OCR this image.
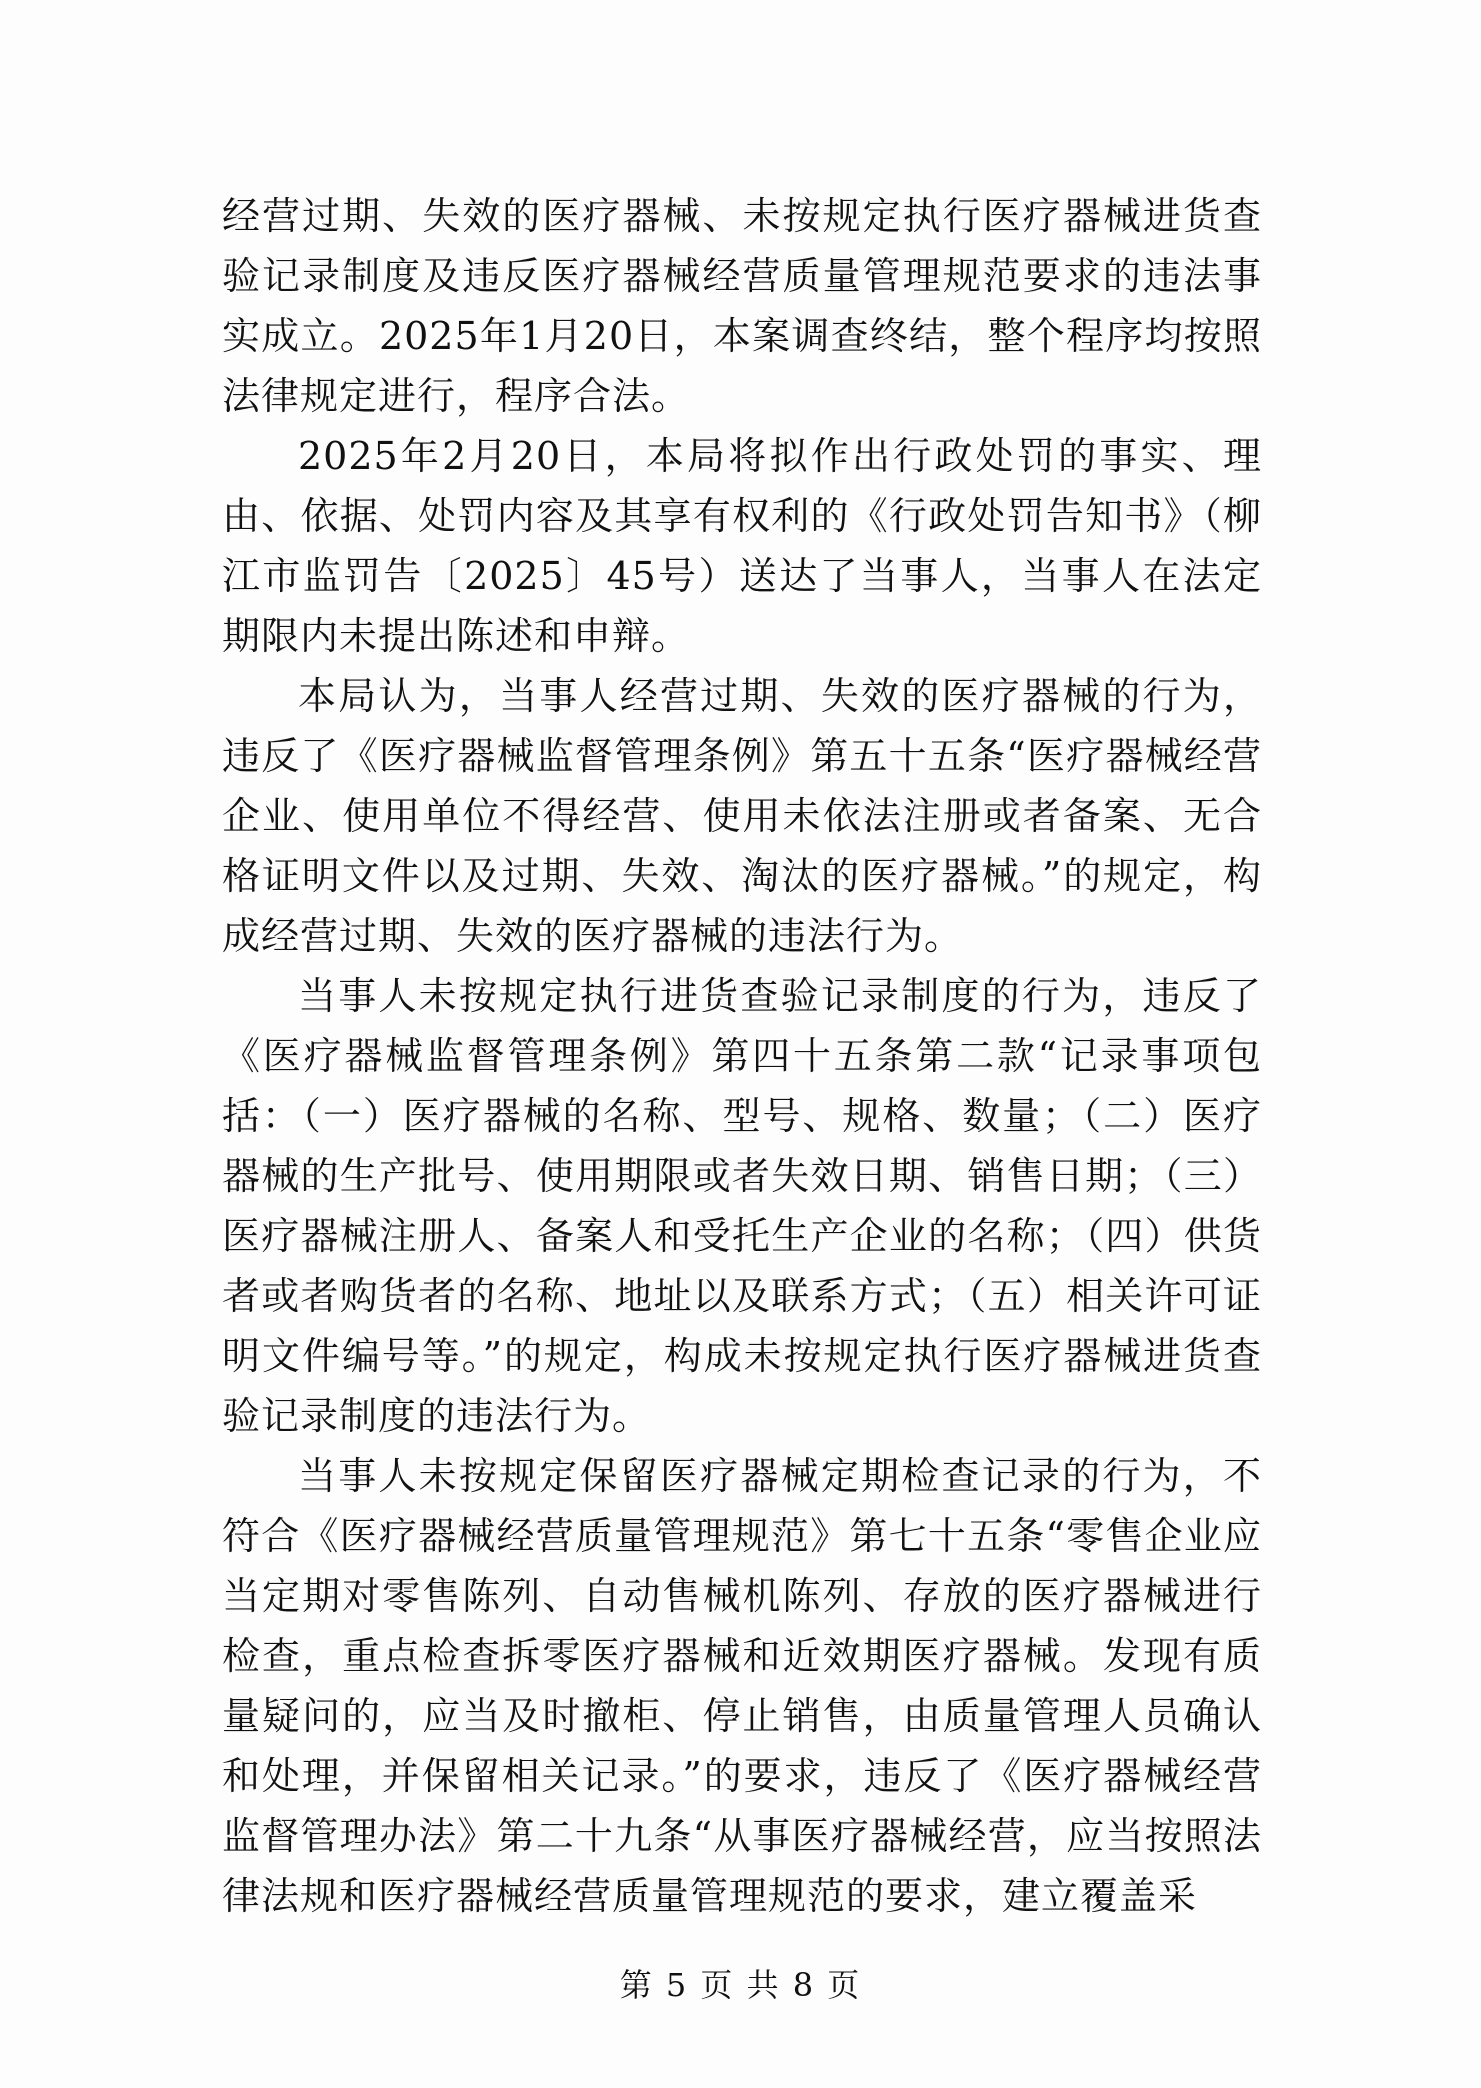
经营过期、失效的医疗器械、未按规定执行医疗器械进货查验记录制度及违反医疗器械经营质量管理规范要求的违法事实成立。2025年1月20日，本案调查终结，整个程序均按照法律规定进行，程序合法。

2025年2月20日，本局将拟作出行政处罚的事实、理由、依据、处罚内容及其享有权利的《行政处罚告知书》（柳江市监罚告〔2025〕45号）送达了当事人，当事人在法定期限内未提出陈述和申辩。

本局认为，当事人经营过期、失效的医疗器械的行为，违反了《医疗器械监督管理条例》第五十五条“医疗器械经营企业、使用单位不得经营、使用未依法注册或者备案、无合格证明文件以及过期、失效、淘汰的医疗器械。”的规定，构成经营过期、失效的医疗器械的违法行为。

当事人未按规定执行进货查验记录制度的行为，违反了《医疗器械监督管理条例》第四十五条第二款“记录事项包括：（一）医疗器械的名称、型号、规格、数量；（二）医疗器械的生产批号、使用期限或者失效日期、销售日期；（三）医疗器械注册人、备案人和受托生产企业的名称；（四）供货者或者购货者的名称、地址以及联系方式；（五）相关许可证明文件编号等。”的规定，构成未按规定执行医疗器械进货查验记录制度的违法行为。

当事人未按规定保留医疗器械定期检查记录的行为，不符合《医疗器械经营质量管理规范》第七十五条“零售企业应当定期对零售陈列、自动售械机陈列、存放的医疗器械进行检查，重点检查拆零医疗器械和近效期医疗器械。发现有质量疑问的，应当及时撤柜、停止销售，由质量管理人员确认和处理，并保留相关记录。”的要求，违反了《医疗器械经营监督管理办法》第二十九条“从事医疗器械经营，应当按照法律法规和医疗器械经营质量管理规范的要求，建立覆盖采

第 5 页 共 8 页
